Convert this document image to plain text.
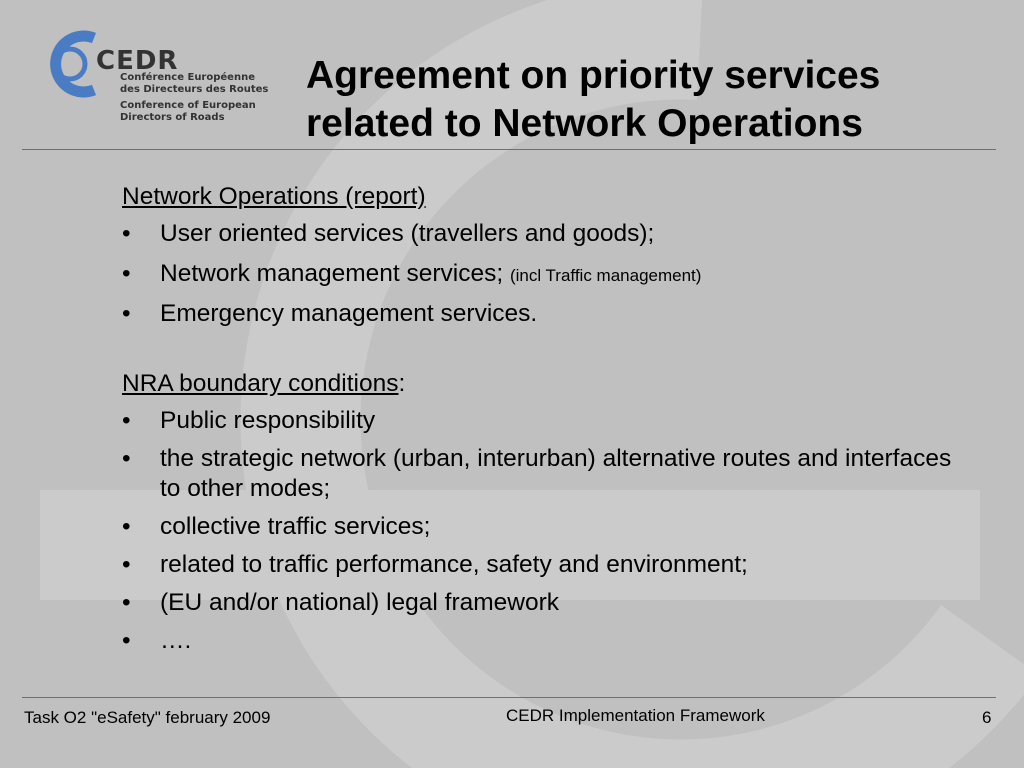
CEDR
Conférence Européenne
des Directeurs des Routes
Conference of European
Directors of Roads
Agreement on priority services related to Network Operations
Network Operations (report)
• User oriented services (travellers and goods);
• Network management services; (incl Traffic management)
• Emergency management services.
NRA boundary conditions:
• Public responsibility
• the strategic network (urban, interurban) alternative routes and interfaces to other modes;
• collective traffic services;
• related to traffic performance, safety and environment;
• (EU and/or national) legal framework
• ….
Task O2 "eSafety" february 2009	CEDR Implementation Framework	6
